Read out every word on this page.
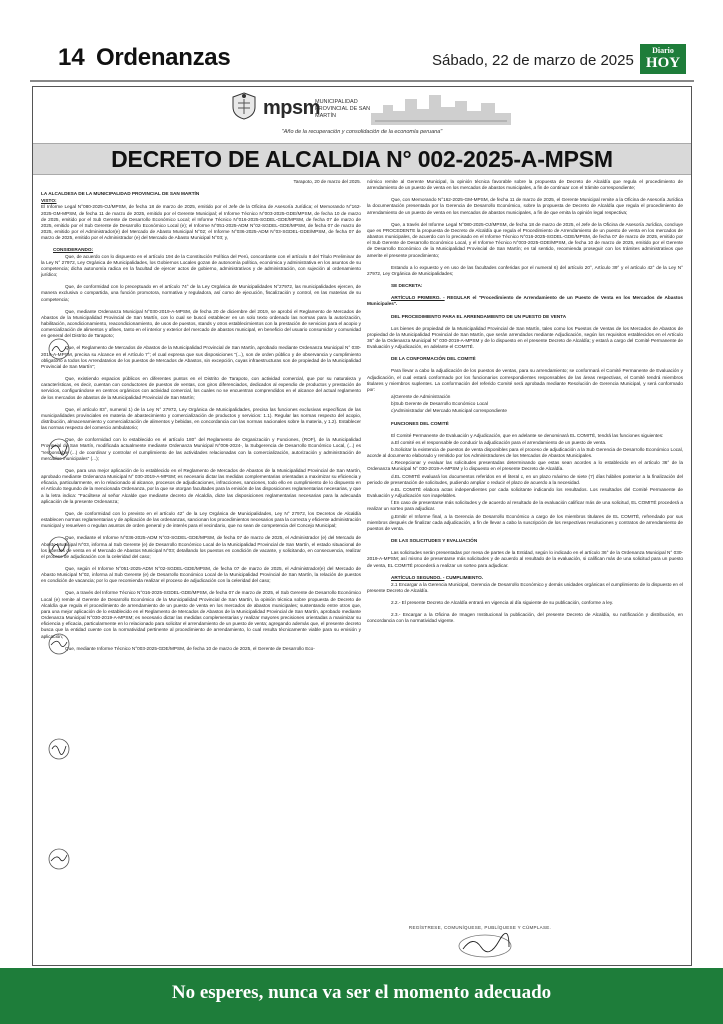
14 Ordenanzas	Sábado, 22 de marzo de 2025
Diario
HOY
mpsm
MUNICIPALIDAD PROVINCIAL DE SAN MARTÍN
"Año de la recuperación y consolidación de la economía peruana"
DECRETO DE ALCALDIA N° 002-2025-A-MPSM

Tarapoto, 20 de marzo del 2025.

LA ALCALDESA DE LA MUNICIPALIDAD PROVINCIAL DE SAN MARTÍN

VISTO:

El Informe Legal N°080-2025-OJ/MPSM, de fecha 18 de marzo de 2025, emitido por el Jefe de la Oficina de Asesoría Jurídica; el Memorando N°162-2025-GM-MPSM, de fecha 11 de marzo de 2025, emitido por el Gerente Municipal; el Informe Técnico N°003-2025-GDE/MPSM, de fecha 10 de marzo de 2025, emitido por el Sub Gerente de Desarrollo Económico Local; el Informe Técnico N°016-2025-SGDEL-GDE/MPSM, de fecha 07 de marzo de 2025, emitido por el Sub Gerente de Desarrollo Económico Local (e); el Informe N°051-2025-ADM N°02-SGDEL-GDE/MPSM, de fecha 07 de marzo de 2025, emitido por el Administrador(e) del Mercado de Abasto Municipal N°02; el Informe N°036-2025-ADM N°03-SGDEL-GDE/MPSM, de fecha 07 de marzo de 2025, emitido por el Administrador (e) del Mercado de Abasto Municipal N°03; y,

CONSIDERANDO:

Que, de acuerdo con lo dispuesto en el artículo 194 de la Constitución Política del Perú, concordante con el artículo II del Título Preliminar de la Ley N° 27972, Ley Orgánica de Municipalidades, los Gobiernos Locales gozan de autonomía política, económica y administrativa en los asuntos de su competencia; dicha autonomía radica en la facultad de ejercer actos de gobierno, administrativos y de administración, con sujeción al ordenamiento jurídico;

Que, de conformidad con lo preceptuado en el artículo 74° de la Ley Orgánica de Municipalidades N°27972, las municipalidades ejercen, de manera exclusiva o compartida, una función promotora, normativa y reguladora, así como de ejecución, fiscalización y control, en las materias de su competencia;

Que, mediante Ordenanza Municipal N°030-2019-A-MPSM, de fecha 20 de diciembre del 2019, se aprobó el Reglamento de Mercados de Abastos de la Municipalidad Provincial de San Martín, con lo cual se buscó establecer en un solo texto ordenado las normas para la autorización, habilitación, acondicionamiento, reacondicionamiento, de usos de puestos, stands y otros establecimientos con la prestación de servicios para el acopio y comercialización de alimentos y afines, tanto en el interior y exterior del mercado de abastos municipal, en beneficio del usuario consumidor y comunidad en general del Distrito de Tarapoto;

Que, el Reglamento de Mercados de Abastos de la Municipalidad Provincial de San Martín, aprobado mediante Ordenanza Municipal N° 030-2019-A-MPSM, precisa su Alcance en el Artículo 7°; el cual expresa que sus disposiciones "(...), son de orden público y de observancia y cumplimiento obligatorio a todos los Arrendatarios de los puestos de Mercados de Abastos, sin excepción, cuyas infraestructuras son de propiedad de la Municipalidad Provincial de San Martín";

Que, existiendo espacios públicos en diferentes puntos en el Distrito de Tarapoto, con actividad comercial, que por su naturaleza y características, es decir, cuentan con conductores de puestos de ventas, con giros diferenciados, dedicados al expendio de productos y prestación de servicios, configurándose en centros orgánicos con actividad comercial, los cuales no se encuentran comprendidos en el alcance del actual reglamento de los mercados de abastos de la Municipalidad Provincial de San Martín;

Que, el artículo 83°, numeral 1) de la Ley N° 27972, Ley Orgánica de Municipalidades, precisa las funciones exclusivas específicas de las municipalidades provinciales en materia de abastecimiento y comercialización de productos y servicios: 1.1). Regular las normas respecto del acopio, distribución, almacenamiento y comercialización de alimentos y bebidas, en concordancia con las normas nacionales sobre la materia, y 1.2). Establecer las normas respecto del comercio ambulatorio;

Que, de conformidad con lo establecido en el artículo 180° del Reglamento de Organización y Funciones, (ROF), de la Municipalidad Provincial de San Martín, modificada actualmente mediante Ordenanza Municipal N°006-2024-, la Subgerencia de Desarrollo Económico Local, (...) es "responsable (...) de coordinar y controlar el cumplimiento de las actividades relacionadas con la comercialización, autorización y administración de mercados municipales" (...);

Que, para una mejor aplicación de lo establecido en el Reglamento de Mercados de Abastos de la Municipalidad Provincial de San Martín, aprobado mediante Ordenanza Municipal N° 030-2019-A-MPSM; es necesario dictar las medidas complementarias orientadas a maximizar su eficiencia y eficacia, particularmente, en lo relacionado al alcance, procesos de adjudicaciones, infracciones, sanciones, todo ello en cumplimiento de lo dispuesto en el Artículo Segundo de la mencionada Ordenanza, por la que se otorgan facultades para la emisión de las disposiciones reglamentarias necesarias, y que a la letra indica: "Facúltese al señor Alcalde que mediante decreto de Alcaldía, dicte las disposiciones reglamentarias necesarias para la adecuada aplicación de la presente Ordenanza;

Que, de conformidad con lo previsto en el artículo 42° de la Ley Orgánica de Municipalidades, Ley N° 27972, los Decretos de Alcaldía establecen normas reglamentarias y de aplicación de las ordenanzas, sancionan los procedimientos necesarios para la correcta y eficiente administración municipal y resuelven o regulan asuntos de orden general y de interés para el vecindario, que no sean de competencia del Concejo Municipal;

Que, mediante el Informe N°036-2025-ADM N°03-SGDEL-GDE/MPSM, de fecha 07 de marzo de 2025, el Administrador (e) del Mercado de Abasto Municipal N°03, informa al Sub Gerente (e) de Desarrollo Económico Local de la Municipalidad Provincial de San Martín, el estado situacional de los puestos de venta en el Mercado de Abastos Municipal N°03; detallando los puestos en condición de vacante, y solicitando, en consecuencia, realizar el proceso de adjudicación con la celeridad del caso;

Que, según el Informe N°051-2025-ADM N°02-SGDEL-GDE/MPSM, de fecha 07 de marzo de 2025, el Administrador(e) del Mercado de Abasto Municipal N°02, informa al Sub Gerente (e) de Desarrollo Económico Local de la Municipalidad Provincial de San Martín, la relación de puestos en condición de vacancia; por lo que recomienda realizar el proceso de adjudicación con la celeridad del caso;

Que, a través del Informe Técnico N°016-2025-SGDEL-GDE/MPSM, de fecha 07 de marzo de 2025, el Sub Gerente de Desarrollo Económico Local (e) remite al Gerente de Desarrollo Económico de la Municipalidad Provincial de San Martín, la opinión técnica sobre propuesta de Decreto de Alcaldía que regula el procedimiento de arrendamiento de un puesto de venta en los mercados de abastos municipales; sustentando entre otros que, para una mejor aplicación de lo establecido en el Reglamento de Mercados de Abastos de la Municipalidad Provincial de San Martín, aprobado mediante Ordenanza Municipal N°030-2019-A-MPSM; es necesario dictar las medidas complementarias y realizar mayores precisiones orientadas a maximizar su eficiencia y eficacia, particularmente en lo relacionado para solicitar el arrendamiento de un puesto de venta; agregando además que, el presente decreto busca que la entidad cuente con la normatividad pertinente al procedimiento de arrendamiento, lo cual resulta técnicamente viable para su emisión y aplicación;

Que, mediante Informe Técnico N°003-2025-GDE/MPSM, de fecha 10 de marzo de 2025, el Gerente de Desarrollo Eco-

nómico remite al Gerente Municipal, la opinión técnica favorable sobre la propuesta de Decreto de Alcaldía que regula el procedimiento de arrendamiento de un puesto de venta en los mercados de abastos municipales, a fin de continuar con el trámite correspondiente;

Que, con Memorando N°162-2025-GM-MPSM, de fecha 11 de marzo de 2025, el Gerente Municipal remite a la Oficina de Asesoría Jurídica la documentación presentada por la Gerencia de Desarrollo Económico, sobre la propuesta de Decreto de Alcaldía que regula el procedimiento de arrendamiento de un puesto de venta en los mercados de abastos municipales, a fin de que emita la opinión legal respectiva;

Que, a través del Informe Legal N°080-2025-OJ/MPSM, de fecha 18 de marzo de 2025, el Jefe de la Oficina de Asesoría Jurídica, concluye que es PROCEDENTE la propuesta de Decreto de Alcaldía que regula el Procedimiento de Arrendamiento de un puesto de venta en los mercados de abastos municipales, de acuerdo con lo precisado en el Informe Técnico N°016-2025-SGDEL-GDE/MPSM, de fecha 07 de marzo de 2025, emitido por el Sub Gerente de Desarrollo Económico Local, y el Informe Técnico N°003-2025-GDE/MPSM, de fecha 10 de marzo de 2025, emitido por el Gerente de Desarrollo Económico de la Municipalidad Provincial de San Martín; en tal sentido, recomienda proseguir con los trámites administrativos que amerite el presente procedimiento;

Estando a lo expuesto y en uso de las facultades conferidas por el numeral 6) del artículo 20°, Artículo 39° y el artículo 42° de la Ley N° 27972, Ley Orgánica de Municipalidades;

SE DECRETA:

ARTÍCULO PRIMERO. - REGULAR el "Procedimiento de Arrendamiento de un Puesto de Venta en los Mercados de Abastos Municipales".

DEL PROCEDIMIENTO PARA EL ARRENDAMIENTO DE UN PUESTO DE VENTA

Los bienes de propiedad de la Municipalidad Provincial de San Martín, tales como los Puestos de Ventas de los Mercados de Abastos de propiedad de la Municipalidad Provincial de San Martín, que serán arrendados mediante Adjudicación, según los requisitos establecidos en el Artículo 36° de la Ordenanza Municipal N° 030-2019-A-MPSM y de lo dispuesto en el presente Decreto de Alcaldía; y estará a cargo del Comité Permanente de Evaluación y Adjudicación, en adelante el COMITÉ.

DE LA CONFORMACIÓN DEL COMITÉ

Para llevar a cabo la adjudicación de los puestos de ventas, para su arrendamiento; se conformará el Comité Permanente de Evaluación y Adjudicación, el cual estará conformado por los funcionarios correspondientes responsables de las áreas respectivas, el Comité tendrá miembros titulares y miembros suplentes. La conformación del referido Comité será aprobada mediante Resolución de Gerencia Municipal, y será conformado por:

a)Gerente de Administración

b)Sub Gerente de Desarrollo Económico Local

c)Administrador del Mercado Municipal correspondiente

FUNCIONES DEL COMITÉ

El Comité Permanente de Evaluación y Adjudicación, que en adelante se denominará EL COMITÉ, tendrá las funciones siguientes:

a.El comité es el responsable de conducir la adjudicación para el arrendamiento de un puesto de venta.

b.Solicitar la existencia de puestos de venta disponibles para el proceso de adjudicación a la Sub Gerencia de Desarrollo Económico Local, acorde al documento elaborado y remitido por los Administradores de los Mercados de Abastos Municipales.

c.Recepcionar y evaluar las solicitudes presentadas determinando que estas sean acordes a lo establecido en el artículo 36° de la Ordenanza Municipal N° 030-2019-A-MPSM y lo dispuesto en el presente Decreto de Alcaldía.

d.EL COMITÉ evaluará los documentos referidos en el literal c, en un plazo máximo de siete (7) días hábiles posterior a la finalización del periodo de presentación de solicitudes, pudiendo ampliar o reducir el plazo de acuerdo a la necesidad.

e.EL COMITÉ elabora actas independientes por cada solicitante indicando los resultados. Los resultados del Comité Permanente de Evaluación y Adjudicación son inapelables.

f.En caso de presentarse más solicitudes y de acuerdo al resultado de la evaluación calificar más de una solicitud, EL COMITÉ procederá a realizar un sorteo para adjudicar.

g.Emitir el Informe final, a la Gerencia de Desarrollo Económico a cargo de los miembros titulares de EL COMITÉ, refrendado por sus miembros después de finalizar cada adjudicación, a fin de llevar a cabo la suscripción de los respectivas resoluciones y contratos de arrendamiento de puestos de venta.

DE LAS SOLICITUDES Y EVALUACIÓN

Las solicitudes serán presentadas por mesa de partes de la Entidad, según lo indicado en el artículo 36° de la Ordenanza Municipal N° 030-2019-A-MPSM; así mismo de presentarse más solicitudes y de acuerdo al resultado de la evaluación, si califican más de una solicitud para un puesto de venta, EL COMITÉ procederá a realizar un sorteo para adjudicar.

ARTÍCULO SEGUNDO. - CUMPLIMIENTO.

2.1 Encargar a la Gerencia Municipal, Gerencia de Desarrollo Económico y demás unidades orgánicas el cumplimiento de lo dispuesto en el presente Decreto de Alcaldía.

2.2.- El presente Decreto de Alcaldía entrará en vigencia al día siguiente de su publicación, conforme a ley.

2.3.- Encargar a la Oficina de Imagen Institucional la publicación, del presente Decreto de Alcaldía, su notificación y distribución, en concordancia con la normatividad vigente.

REGÍSTRESE, COMUNÍQUESE, PUBLÍQUESE Y CÚMPLASE.
No esperes, nunca va ser el momento adecuado
